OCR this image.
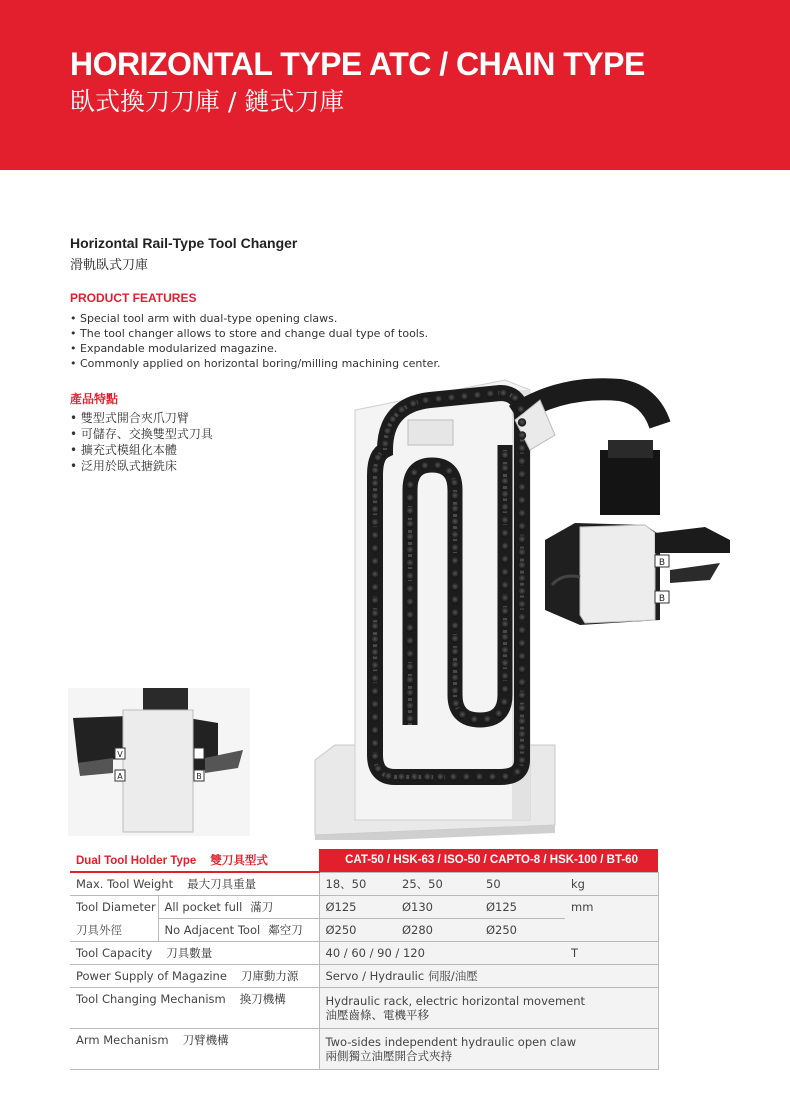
HORIZONTAL TYPE ATC / CHAIN TYPE
臥式換刀刀庫 / 鏈式刀庫
Horizontal Rail-Type Tool Changer
滑軌臥式刀庫
PRODUCT FEATURES
• Special tool arm with dual-type opening claws.
• The tool changer allows to store and change dual type of tools.
• Expandable modularized magazine.
• Commonly applied on horizontal boring/milling machining center.
產品特點
• 雙型式開合夾爪刀臂
• 可儲存、交換雙型式刀具
• 擴充式模組化本體
• 泛用於臥式搪銑床
B
B
V
A	B
Dual Tool Holder Type 雙刀具型式		CAT-50 / HSK-63 / ISO-50 / CAPTO-8 / HSK-100 / BT-60			
Max. Tool Weight 最大刀具重量		18、50	25、50	50	kg
Tool Diameter	All pocket full 滿刀	Ø125	Ø130	Ø125	mm
刀具外徑	No Adjacent Tool 鄰空刀	Ø250	Ø280	Ø250	
Tool Capacity 刀具數量		40 / 60 / 90 / 120			T
Power Supply of Magazine 刀庫動力源		Servo / Hydraulic 伺服/油壓			
Tool Changing Mechanism 換刀機構		Hydraulic rack, electric horizontal movement
油壓齒條、電機平移			

Arm Mechanism 刀臂機構		Two-sides independent hydraulic open claw
兩側獨立油壓開合式夾持			
